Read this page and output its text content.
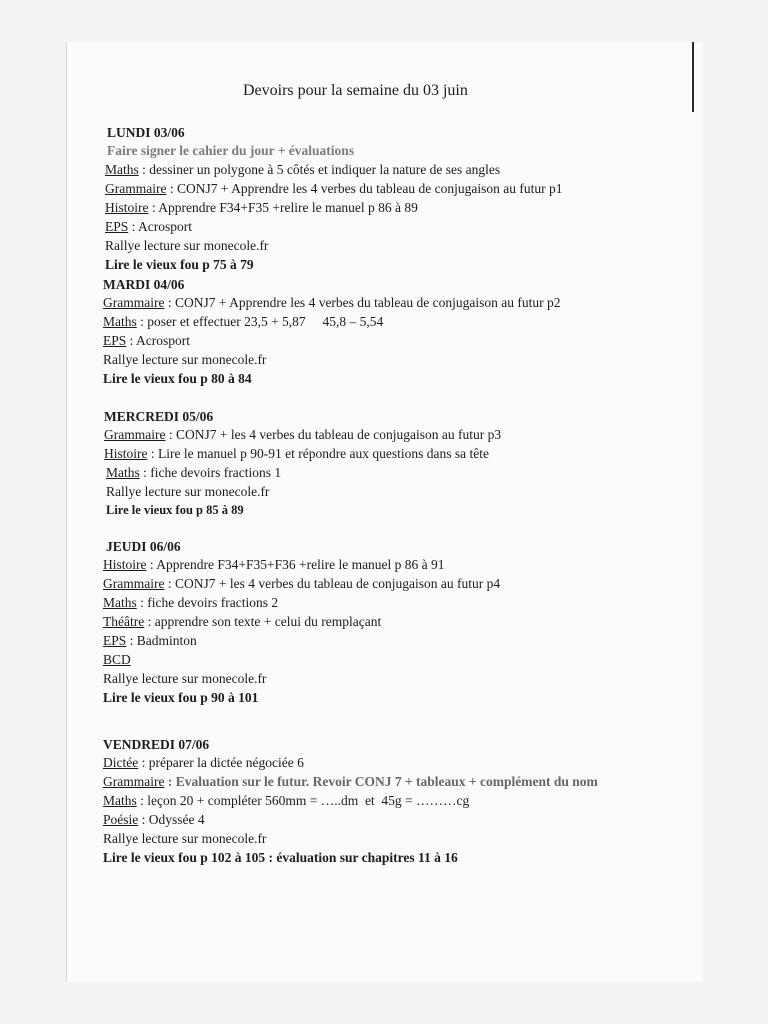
Devoirs pour la semaine du 03 juin
LUNDI 03/06
Faire signer le cahier du jour + évaluations
Maths : dessiner un polygone à 5 côtés et indiquer la nature de ses angles
Grammaire : CONJ7 + Apprendre les 4 verbes du tableau de conjugaison au futur p1
Histoire : Apprendre F34+F35 +relire le manuel p 86 à 89
EPS : Acrosport
Rallye lecture sur monecole.fr
Lire le vieux fou p 75 à 79
MARDI 04/06
Grammaire : CONJ7 + Apprendre les 4 verbes du tableau de conjugaison au futur p2
Maths : poser et effectuer 23,5 + 5,87     45,8 – 5,54
EPS : Acrosport
Rallye lecture sur monecole.fr
Lire le vieux fou p 80 à 84
MERCREDI 05/06
Grammaire : CONJ7 + les 4 verbes du tableau de conjugaison au futur p3
Histoire : Lire le manuel p 90-91 et répondre aux questions dans sa tête
Maths : fiche devoirs fractions 1
Rallye lecture sur monecole.fr
Lire le vieux fou p 85 à 89
JEUDI 06/06
Histoire : Apprendre F34+F35+F36 +relire le manuel p 86 à 91
Grammaire : CONJ7 + les 4 verbes du tableau de conjugaison au futur p4
Maths : fiche devoirs fractions 2
Théâtre : apprendre son texte + celui du remplaçant
EPS : Badminton
BCD
Rallye lecture sur monecole.fr
Lire le vieux fou p 90 à 101
VENDREDI 07/06
Dictée : préparer la dictée négociée 6
Grammaire : Evaluation sur le futur. Revoir CONJ 7 + tableaux + complément du nom
Maths : leçon 20 + compléter 560mm = …..dm  et  45g = ………cg
Poésie : Odyssée 4
Rallye lecture sur monecole.fr
Lire le vieux fou p 102 à 105 : évaluation sur chapitres 11 à 16
